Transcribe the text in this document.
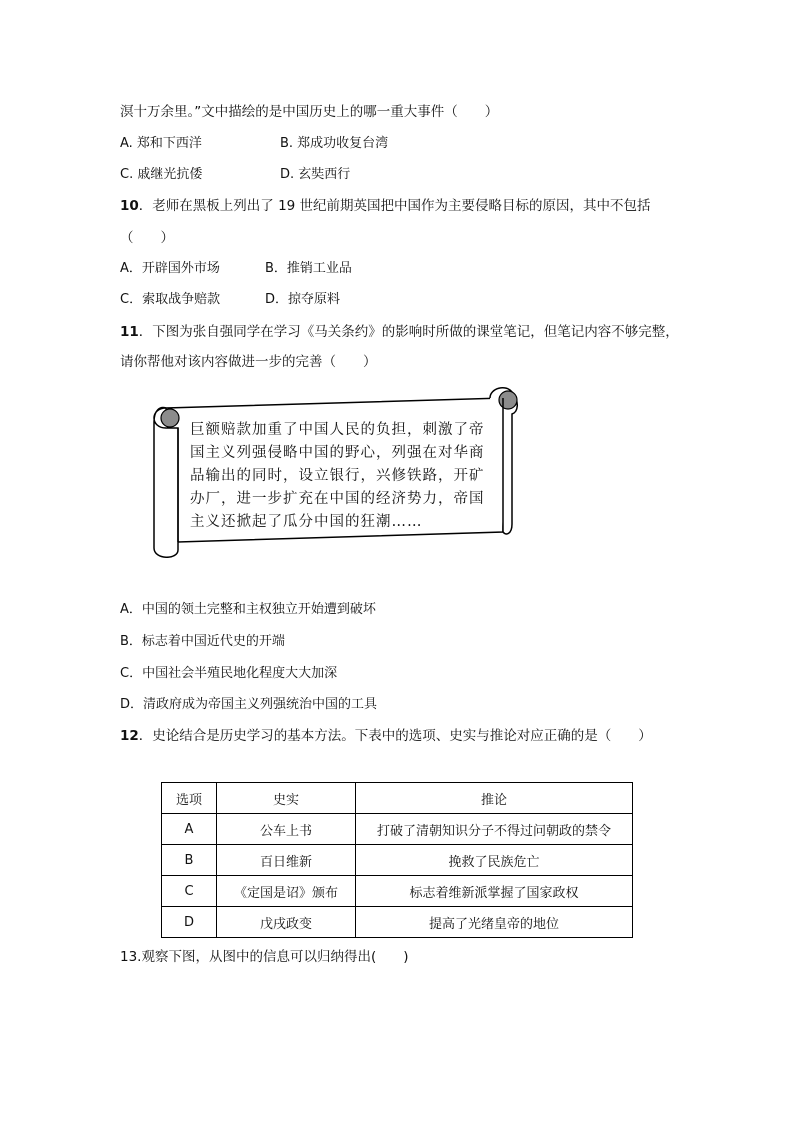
溟十万余里。”文中描绘的是中国历史上的哪一重大事件（　　）
A. 郑和下西洋	B. 郑成功收复台湾
C. 戚继光抗倭	D. 玄奘西行
10．老师在黑板上列出了 19 世纪前期英国把中国作为主要侵略目标的原因，其中不包括
（　　）
A．开辟国外市场	B．推销工业品
C．索取战争赔款	D．掠夺原料
11．下图为张自强同学在学习《马关条约》的影响时所做的课堂笔记，但笔记内容不够完整，
请你帮他对该内容做进一步的完善（　　）
巨额赔款加重了中国人民的负担，刺激了帝
国主义列强侵略中国的野心，列强在对华商
品输出的同时，设立银行，兴修铁路，开矿
办厂，进一步扩充在中国的经济势力，帝国
主义还掀起了瓜分中国的狂潮……
A．中国的领土完整和主权独立开始遭到破坏
B．标志着中国近代史的开端
C．中国社会半殖民地化程度大大加深
D．清政府成为帝国主义列强统治中国的工具
12．史论结合是历史学习的基本方法。下表中的选项、史实与推论对应正确的是（　　）
选项	史实	推论
A	公车上书	打破了清朝知识分子不得过问朝政的禁令
B	百日维新	挽救了民族危亡
C	《定国是诏》颁布	标志着维新派掌握了国家政权
D	戊戌政变	提高了光绪皇帝的地位
13.观察下图，从图中的信息可以归纳得出(　　)
